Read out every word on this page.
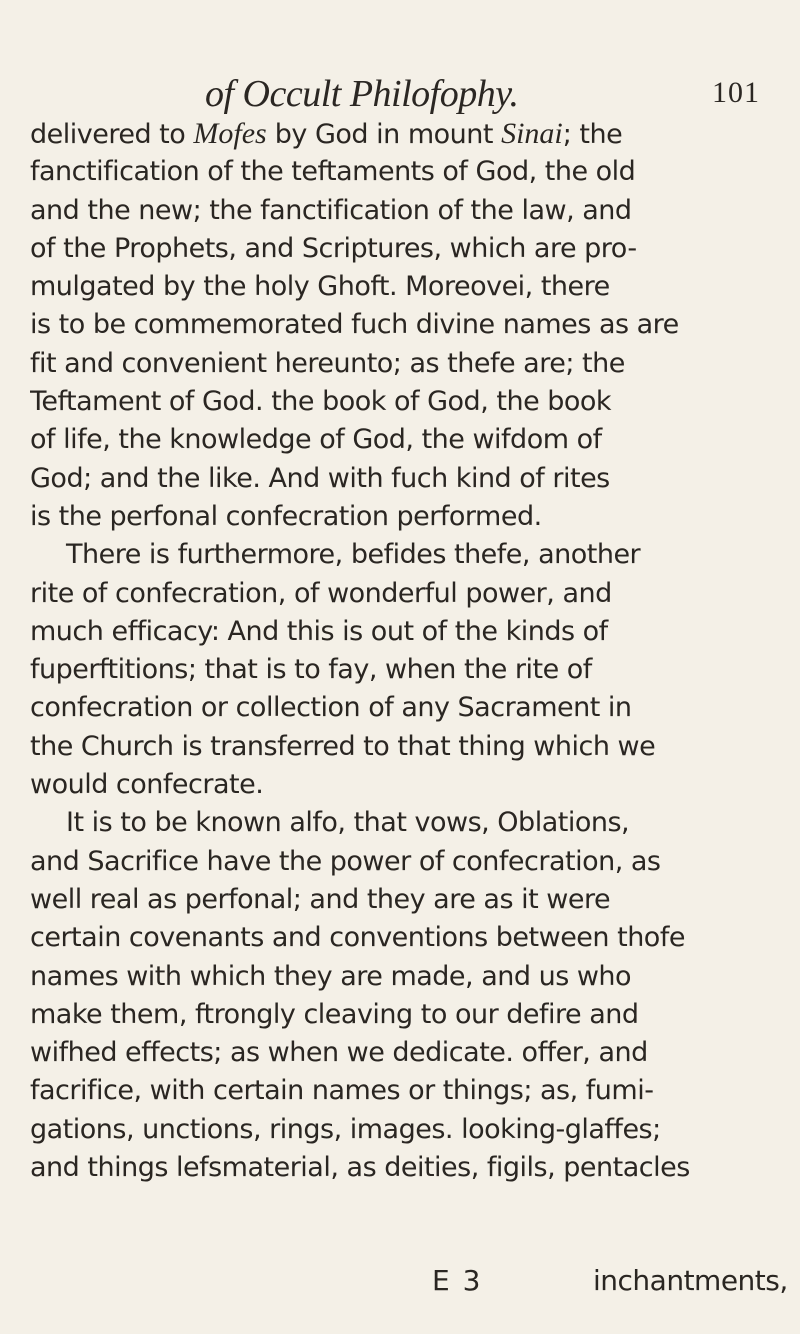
of Occult Philofophy.	101
delivered to Mofes by God in mount Sinai; the
fanctification of the teftaments of God, the old
and the new; the fanctification of the law, and
of the Prophets, and Scriptures, which are pro-
mulgated by the holy Ghoft. Moreovei, there
is to be commemorated fuch divine names as are
fit and convenient hereunto; as thefe are; the
Teftament of God. the book of God, the book
of life, the knowledge of God, the wifdom of
God; and the like. And with fuch kind of rites
is the perfonal confecration performed.
There is furthermore, befides thefe, another
rite of confecration, of wonderful power, and
much efficacy: And this is out of the kinds of
fuperftitions; that is to fay, when the rite of
confecration or collection of any Sacrament in
the Church is transferred to that thing which we
would confecrate.
It is to be known alfo, that vows, Oblations,
and Sacrifice have the power of confecration, as
well real as perfonal; and they are as it were
certain covenants and conventions between thofe
names with which they are made, and us who
make them, ftrongly cleaving to our defire and
wifhed effects; as when we dedicate. offer, and
facrifice, with certain names or things; as, fumi-
gations, unctions, rings, images. looking-glaffes;
and things lefsmaterial, as deities, figils, pentacles
E 3	inchantments,
